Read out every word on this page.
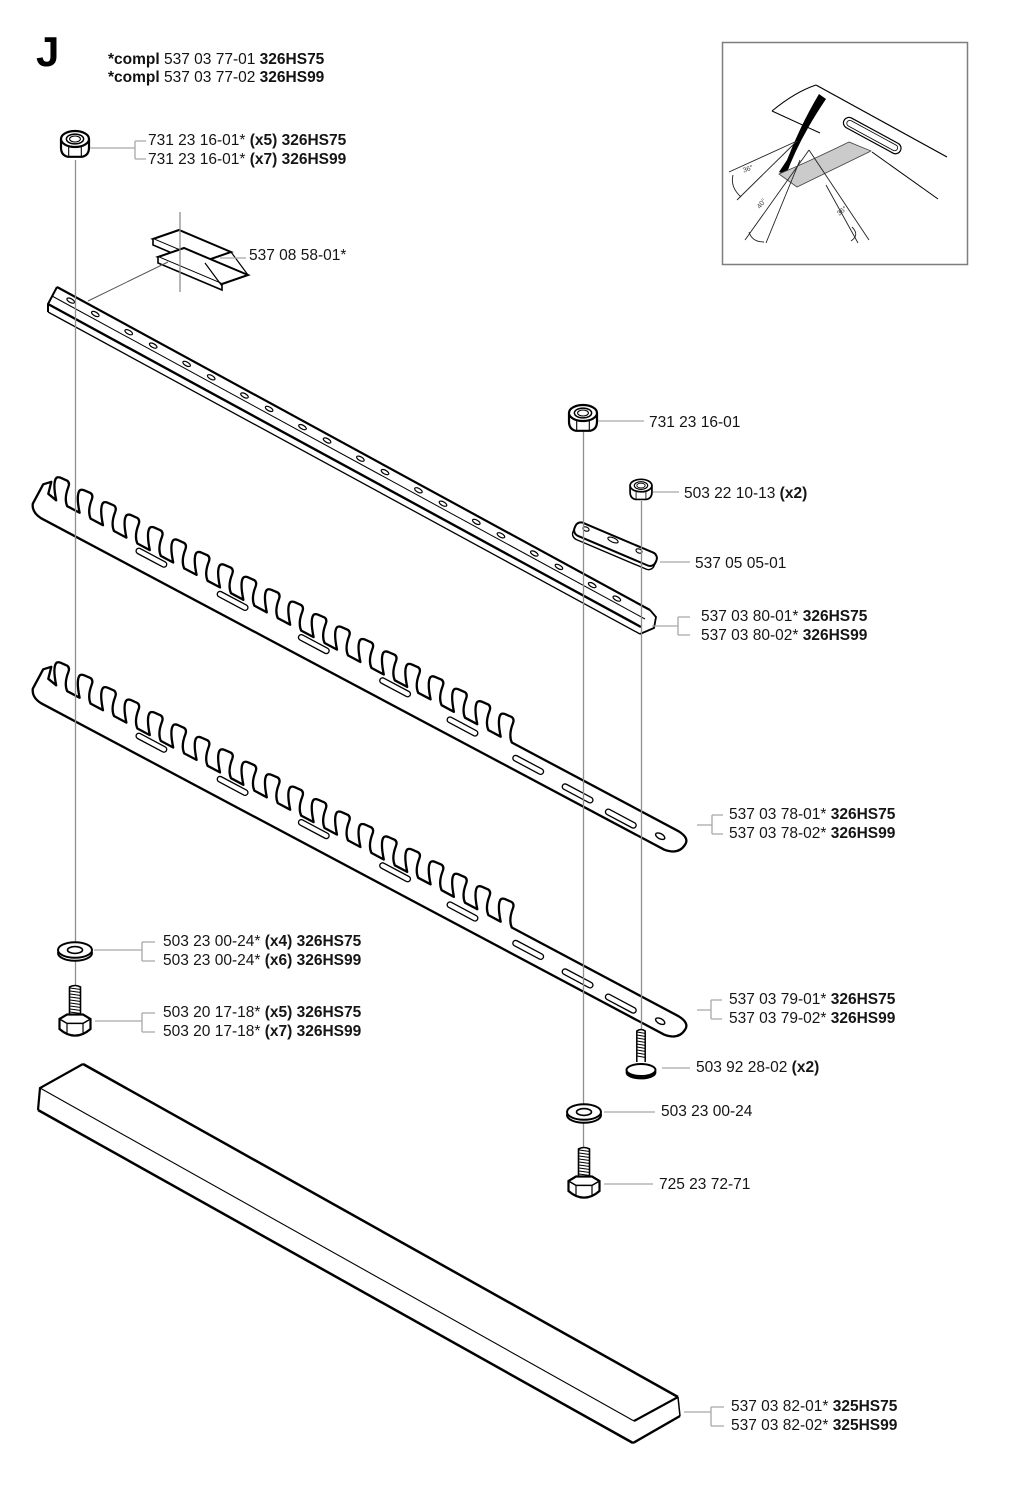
J	*compl 537 03 77-01 326HS75
*compl 537 03 77-02 326HS99
731 23 16-01* (x5) 326HS75
731 23 16-01* (x7) 326HS99
537 08 58-01*
731 23 16-01
503 22 10-13 (x2)
537 05 05-01
537 03 80-01* 326HS75
537 03 80-02* 326HS99
537 03 78-01* 326HS75
537 03 78-02* 326HS99
503 23 00-24* (x4) 326HS75
503 23 00-24* (x6) 326HS99
503 20 17-18* (x5) 326HS75
503 20 17-18* (x7) 326HS99
537 03 79-01* 326HS75
537 03 79-02* 326HS99
503 92 28-02 (x2)
503 23 00-24
725 23 72-71
537 03 82-01* 325HS75
537 03 82-02* 325HS99
36°
40°
36°
